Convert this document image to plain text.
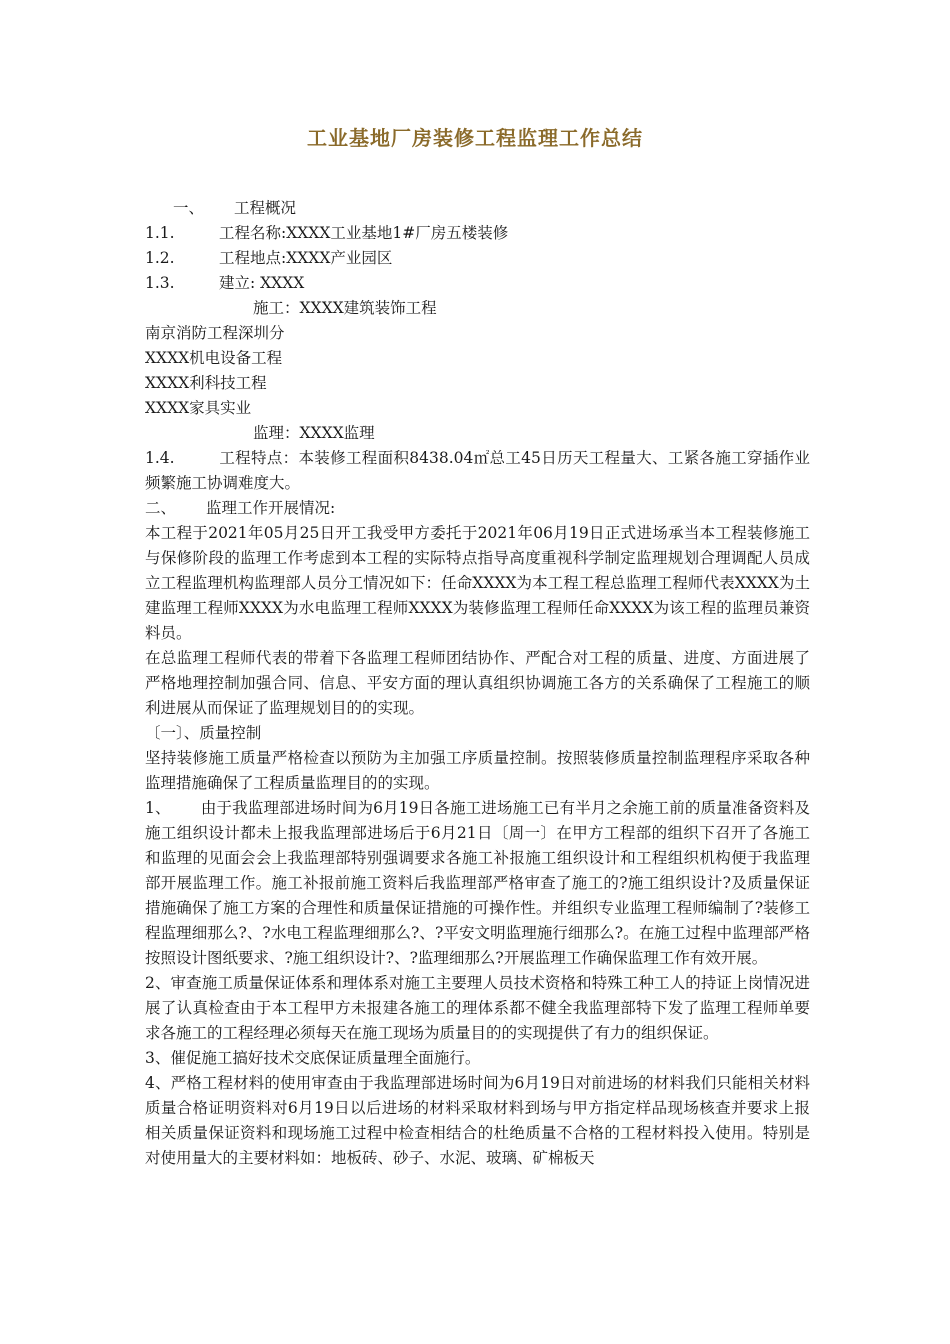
工业基地厂房装修工程监理工作总结
一、 工程概况
1.1.	工程名称:XXXX工业基地1#厂房五楼装修
1.2.	工程地点:XXXX产业园区
1.3.	建立: XXXX
施工：XXXX建筑装饰工程
南京消防工程深圳分
XXXX机电设备工程
XXXX利科技工程
XXXX家具实业
监理：XXXX监理
1.4.	工程特点：本装修工程面积8438.04㎡总工45日历天工程量大、工紧各施工穿插作业频繁施工协调难度大。
二、 监理工作开展情况:
本工程于2021年05月25日开工我受甲方委托于2021年06月19日正式进场承当本工程装修施工与保修阶段的监理工作考虑到本工程的实际特点指导高度重视科学制定监理规划合理调配人员成立工程监理机构监理部人员分工情况如下：任命XXXX为本工程工程总监理工程师代表XXXX为土建监理工程师XXXX为水电监理工程师XXXX为装修监理工程师任命XXXX为该工程的监理员兼资料员。
在总监理工程师代表的带着下各监理工程师团结协作、严配合对工程的质量、进度、方面进展了严格地理控制加强合同、信息、平安方面的理认真组织协调施工各方的关系确保了工程施工的顺利进展从而保证了监理规划目的的实现。
〔一〕、质量控制
坚持装修施工质量严格检查以预防为主加强工序质量控制。按照装修质量控制监理程序采取各种监理措施确保了工程质量监理目的的实现。
1、 由于我监理部进场时间为6月19日各施工进场施工已有半月之余施工前的质量准备资料及施工组织设计都未上报我监理部进场后于6月21日〔周一〕在甲方工程部的组织下召开了各施工和监理的见面会会上我监理部特别强调要求各施工补报施工组织设计和工程组织机构便于我监理部开展监理工作。施工补报前施工资料后我监理部严格审查了施工的?施工组织设计?及质量保证措施确保了施工方案的合理性和质量保证措施的可操作性。并组织专业监理工程师编制了?装修工程监理细那么?、?水电工程监理细那么?、?平安文明监理施行细那么?。在施工过程中监理部严格按照设计图纸要求、?施工组织设计?、?监理细那么?开展监理工作确保监理工作有效开展。
2、审查施工质量保证体系和理体系对施工主要理人员技术资格和特殊工种工人的持证上岗情况进展了认真检查由于本工程甲方未报建各施工的理体系都不健全我监理部特下发了监理工程师单要求各施工的工程经理必须每天在施工现场为质量目的的实现提供了有力的组织保证。
3、催促施工搞好技术交底保证质量理全面施行。
4、严格工程材料的使用审查由于我监理部进场时间为6月19日对前进场的材料我们只能相关材料质量合格证明资料对6月19日以后进场的材料采取材料到场与甲方指定样品现场核查并要求上报相关质量保证资料和现场施工过程中检查相结合的杜绝质量不合格的工程材料投入使用。特别是对使用量大的主要材料如：地板砖、砂子、水泥、玻璃、矿棉板天
